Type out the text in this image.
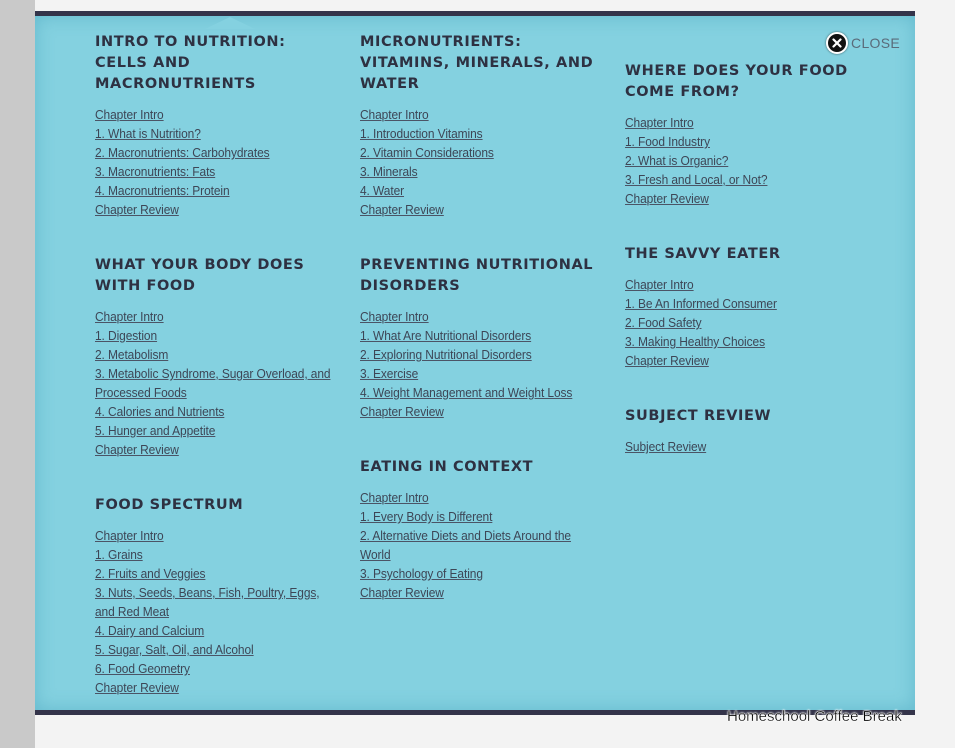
CLOSE
INTRO TO NUTRITION: CELLS AND MACRONUTRIENTS
Chapter Intro
1. What is Nutrition?
2. Macronutrients: Carbohydrates
3. Macronutrients: Fats
4. Macronutrients: Protein
Chapter Review
WHAT YOUR BODY DOES WITH FOOD
Chapter Intro
1. Digestion
2. Metabolism
3. Metabolic Syndrome, Sugar Overload, and Processed Foods
4. Calories and Nutrients
5. Hunger and Appetite
Chapter Review
FOOD SPECTRUM
Chapter Intro
1. Grains
2. Fruits and Veggies
3. Nuts, Seeds, Beans, Fish, Poultry, Eggs, and Red Meat
4. Dairy and Calcium
5. Sugar, Salt, Oil, and Alcohol
6. Food Geometry
Chapter Review
MICRONUTRIENTS: VITAMINS, MINERALS, AND WATER
Chapter Intro
1. Introduction Vitamins
2. Vitamin Considerations
3. Minerals
4. Water
Chapter Review
PREVENTING NUTRITIONAL DISORDERS
Chapter Intro
1. What Are Nutritional Disorders
2. Exploring Nutritional Disorders
3. Exercise
4. Weight Management and Weight Loss
Chapter Review
EATING IN CONTEXT
Chapter Intro
1. Every Body is Different
2. Alternative Diets and Diets Around the World
3. Psychology of Eating
Chapter Review
WHERE DOES YOUR FOOD COME FROM?
Chapter Intro
1. Food Industry
2. What is Organic?
3. Fresh and Local, or Not?
Chapter Review
THE SAVVY EATER
Chapter Intro
1. Be An Informed Consumer
2. Food Safety
3. Making Healthy Choices
Chapter Review
SUBJECT REVIEW
Subject Review
Homeschool Coffee Break
